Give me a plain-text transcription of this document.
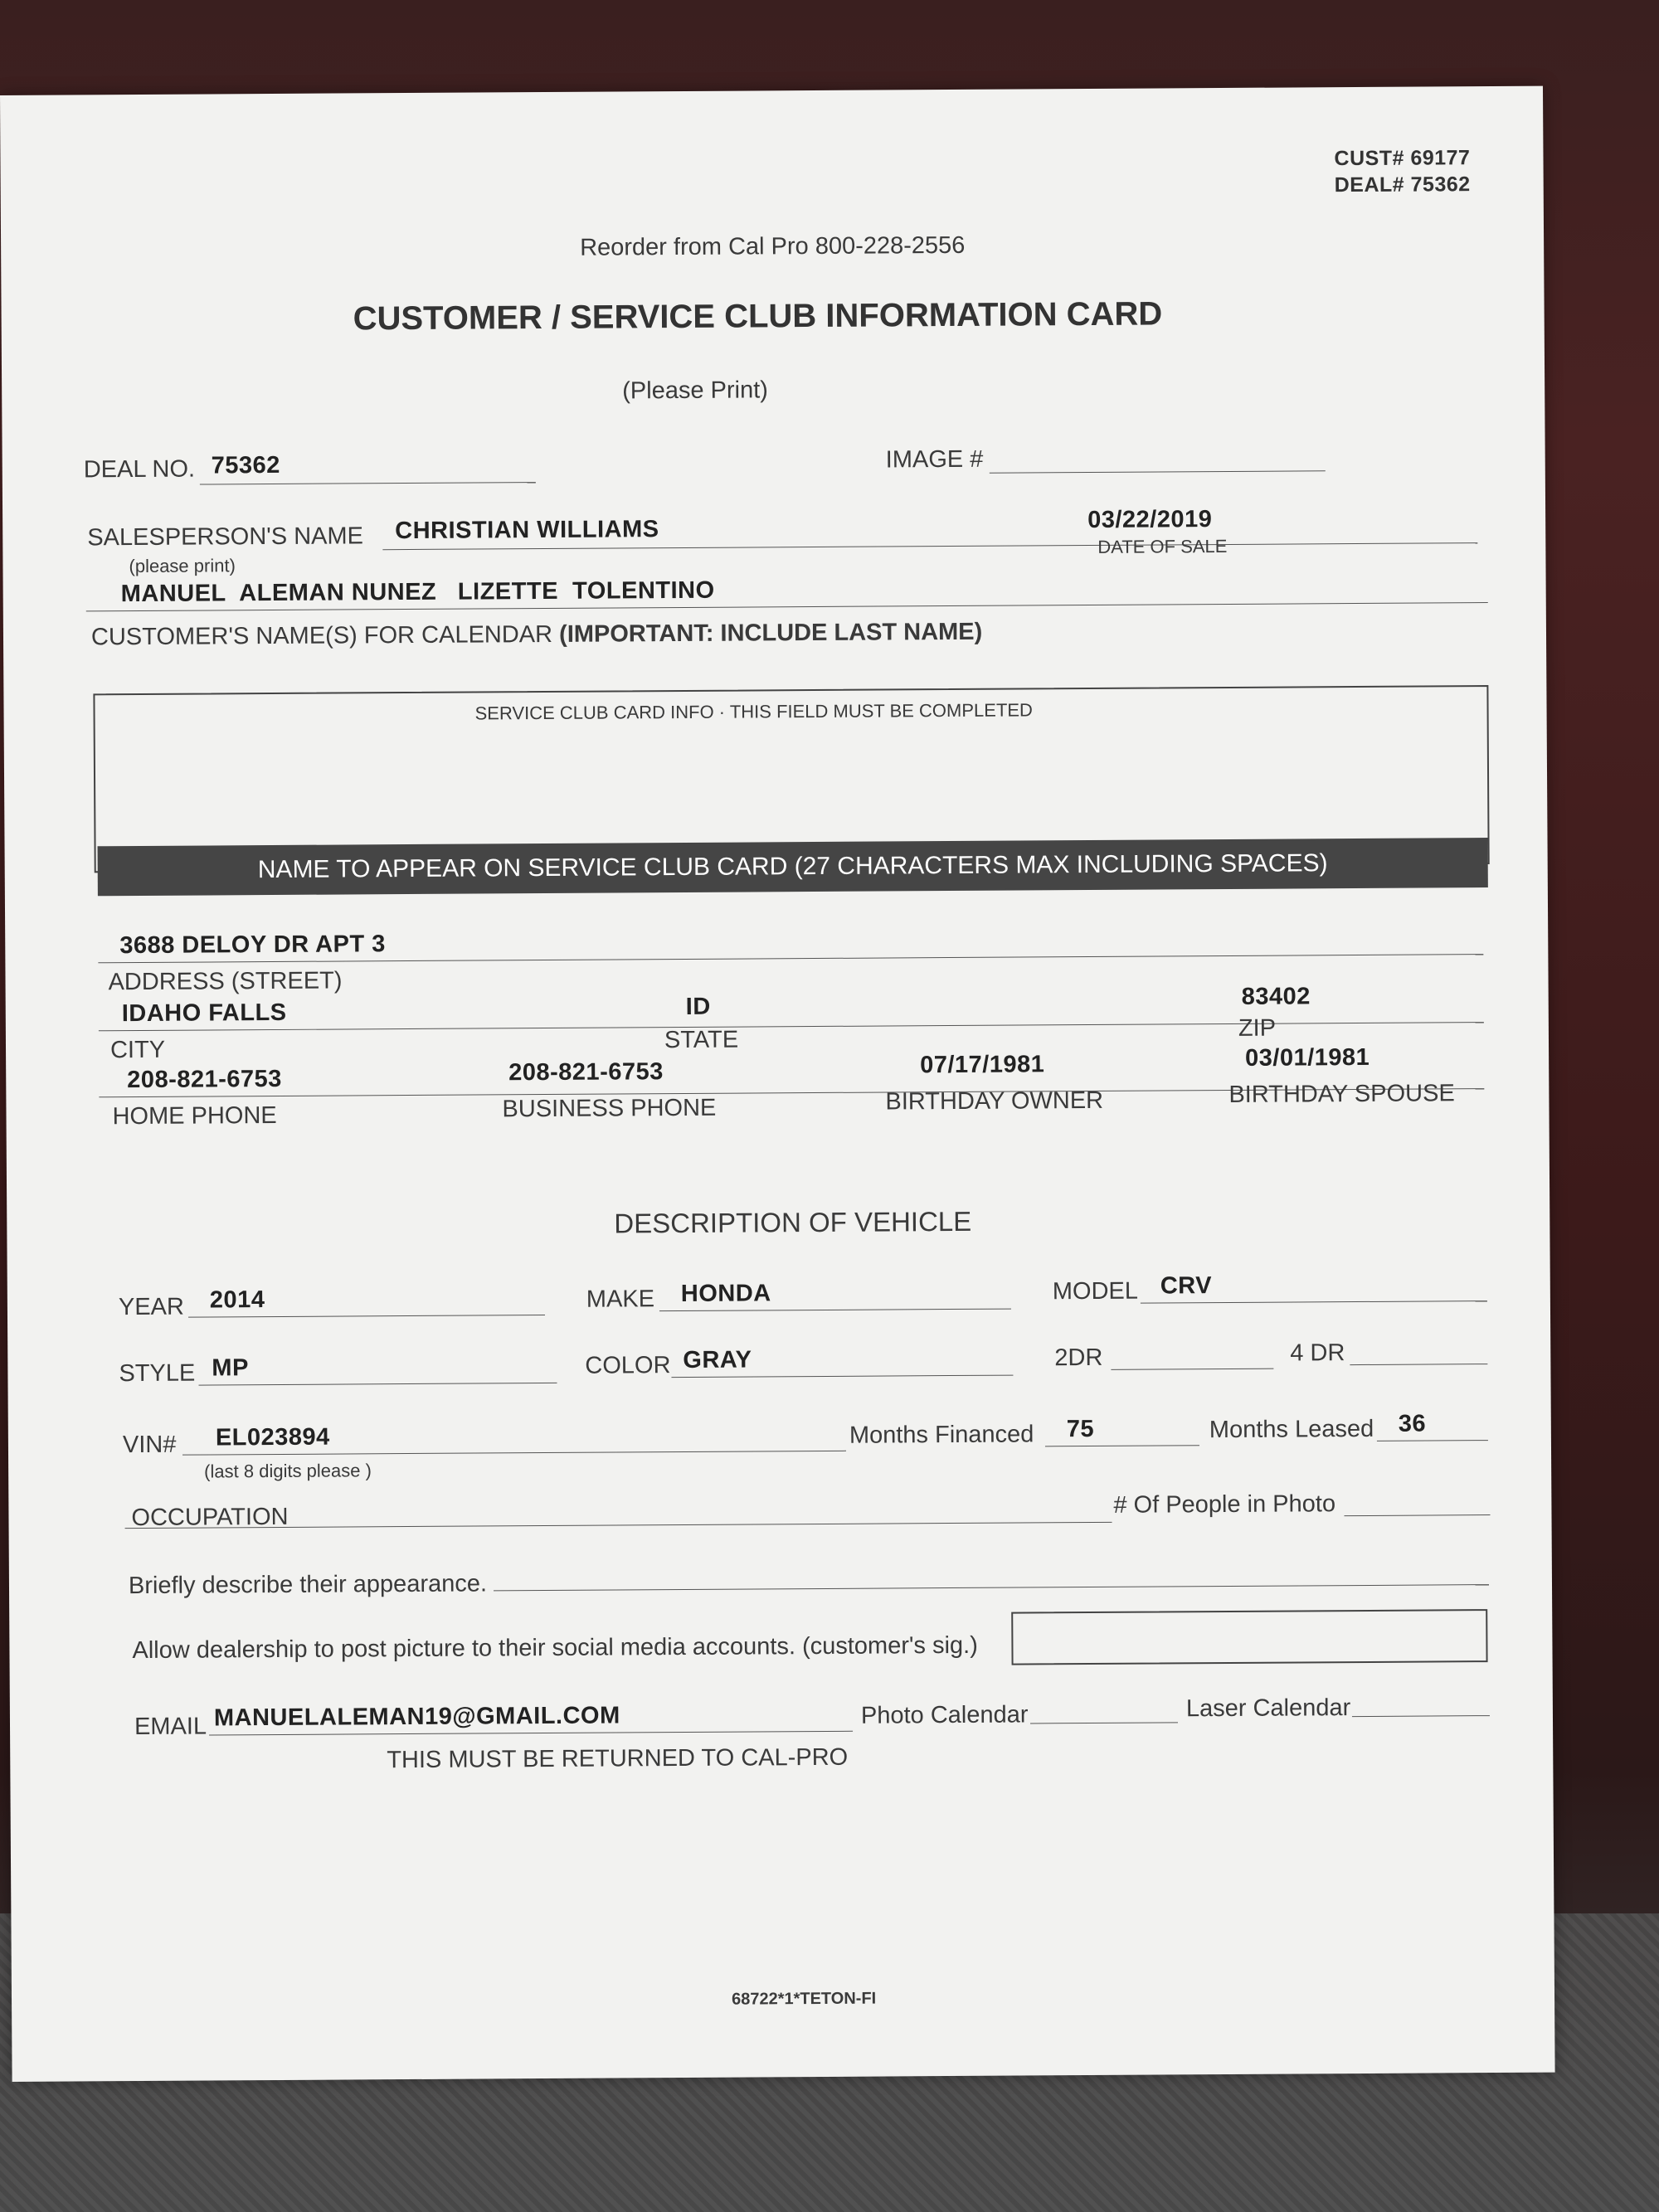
CUST# 69177
DEAL# 75362
Reorder from Cal Pro 800-228-2556
CUSTOMER / SERVICE CLUB INFORMATION CARD
(Please Print)
DEAL NO. 75362	IMAGE #
SALESPERSON'S NAME CHRISTIAN WILLIAMS
(please print)
03/22/2019
DATE OF SALE
MANUEL  ALEMAN NUNEZ   LIZETTE  TOLENTINO
CUSTOMER'S NAME(S) FOR CALENDAR (IMPORTANT: INCLUDE LAST NAME)
SERVICE CLUB CARD INFO · THIS FIELD MUST BE COMPLETED
NAME TO APPEAR ON SERVICE CLUB CARD (27 CHARACTERS MAX INCLUDING SPACES)
3688 DELOY DR APT 3
ADDRESS (STREET)
IDAHO FALLS
CITY
ID
STATE
83402
ZIP
208-821-6753
HOME PHONE
208-821-6753
BUSINESS PHONE
07/17/1981
BIRTHDAY OWNER
03/01/1981
BIRTHDAY SPOUSE
DESCRIPTION OF VEHICLE
YEAR 2014	MAKE HONDA	MODEL CRV
STYLE MP	COLOR GRAY	2DR	4 DR
VIN# EL023894
(last 8 digits please )
Months Financed 75	Months Leased 36
OCCUPATION	# Of People in Photo
Briefly describe their appearance.
Allow dealership to post picture to their social media accounts. (customer's sig.)
EMAIL MANUELALEMAN19@GMAIL.COM	Photo Calendar	Laser Calendar
THIS MUST BE RETURNED TO CAL-PRO
68722*1*TETON-FI
